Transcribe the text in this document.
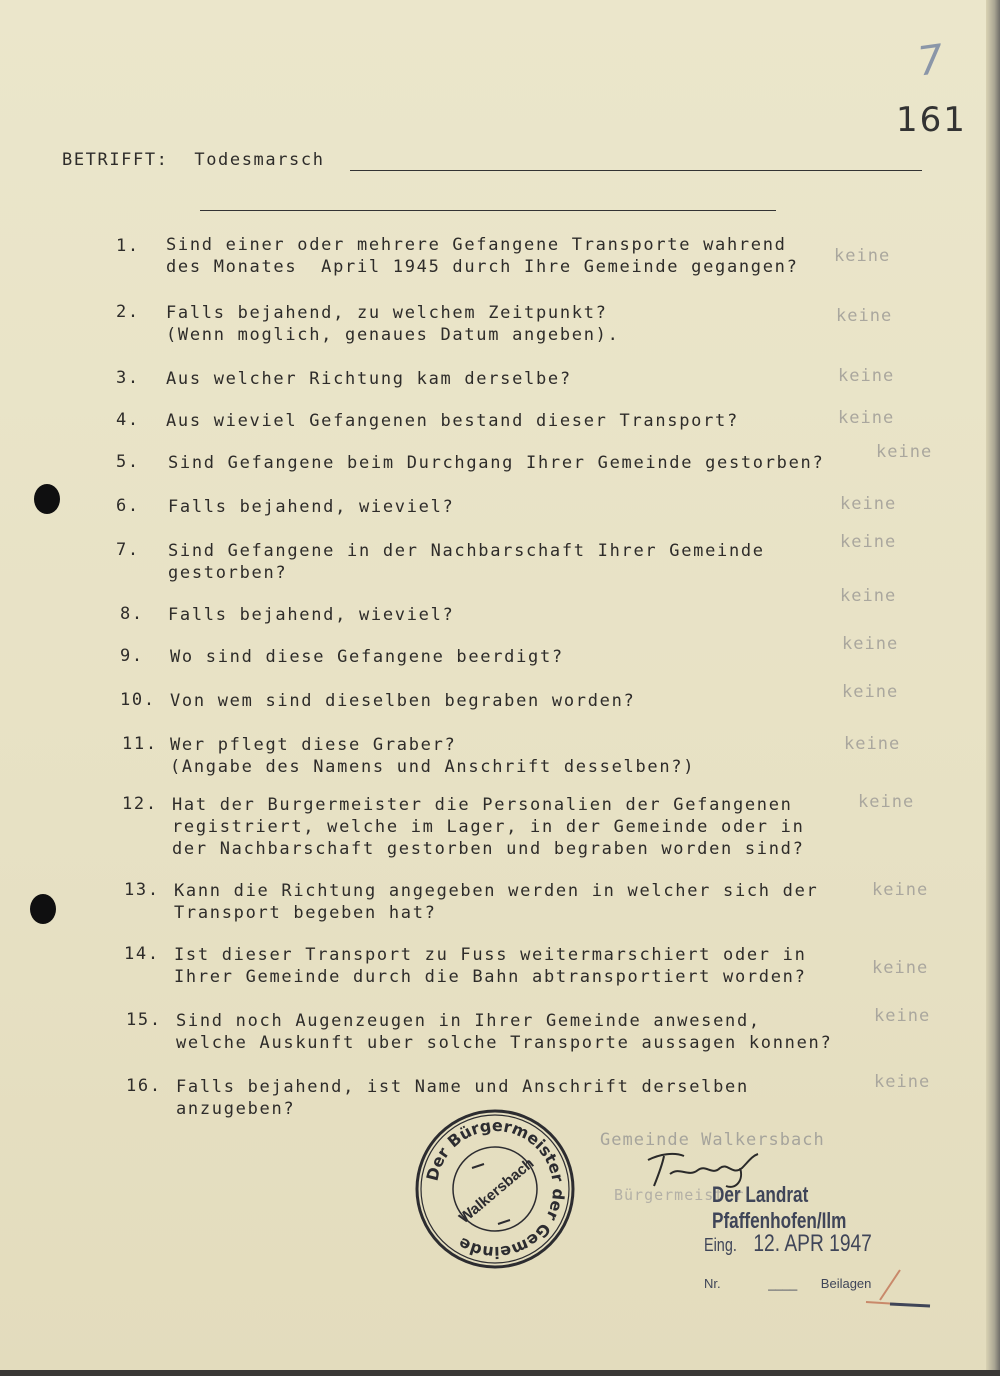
7
161
BETRIFFT: Todesmarsch
1. Sind einer oder mehrere Gefangene Transporte wahrend
des Monates  April 1945 durch Ihre Gemeinde gegangen?
keine
2. Falls bejahend, zu welchem Zeitpunkt?
(Wenn moglich, genaues Datum angeben).
keine
3. Aus welcher Richtung kam derselbe?	keine
4. Aus wieviel Gefangenen bestand dieser Transport?	keine
5. Sind Gefangene beim Durchgang Ihrer Gemeinde gestorben?
keine
6. Falls bejahend, wieviel?	keine
7. Sind Gefangene in der Nachbarschaft Ihrer Gemeinde
gestorben?
keine
8. Falls bejahend, wieviel?
keine
9. Wo sind diese Gefangene beerdigt?
keine
10. Von wem sind dieselben begraben worden?	keine
11. Wer pflegt diese Graber?
(Angabe des Namens und Anschrift desselben?)
keine
12. Hat der Burgermeister die Personalien der Gefangenen
registriert, welche im Lager, in der Gemeinde oder in
der Nachbarschaft gestorben und begraben worden sind?
keine
13. Kann die Richtung angegeben werden in welcher sich der
Transport begeben hat?
keine
14. Ist dieser Transport zu Fuss weitermarschiert oder in
Ihrer Gemeinde durch die Bahn abtransportiert worden?	keine
15. Sind noch Augenzeugen in Ihrer Gemeinde anwesend,
welche Auskunft uber solche Transporte aussagen konnen?
keine
16. Falls bejahend, ist Name und Anschrift derselben
anzugeben?
keine
Der Bürgermeister der Gemeinde
Walkersbach
Gemeinde Walkersbach
Bürgermeister
Der Landrat Pfaffenhofen/Ilm
Eing. 12. APR 1947
Nr.	____ Beilagen
